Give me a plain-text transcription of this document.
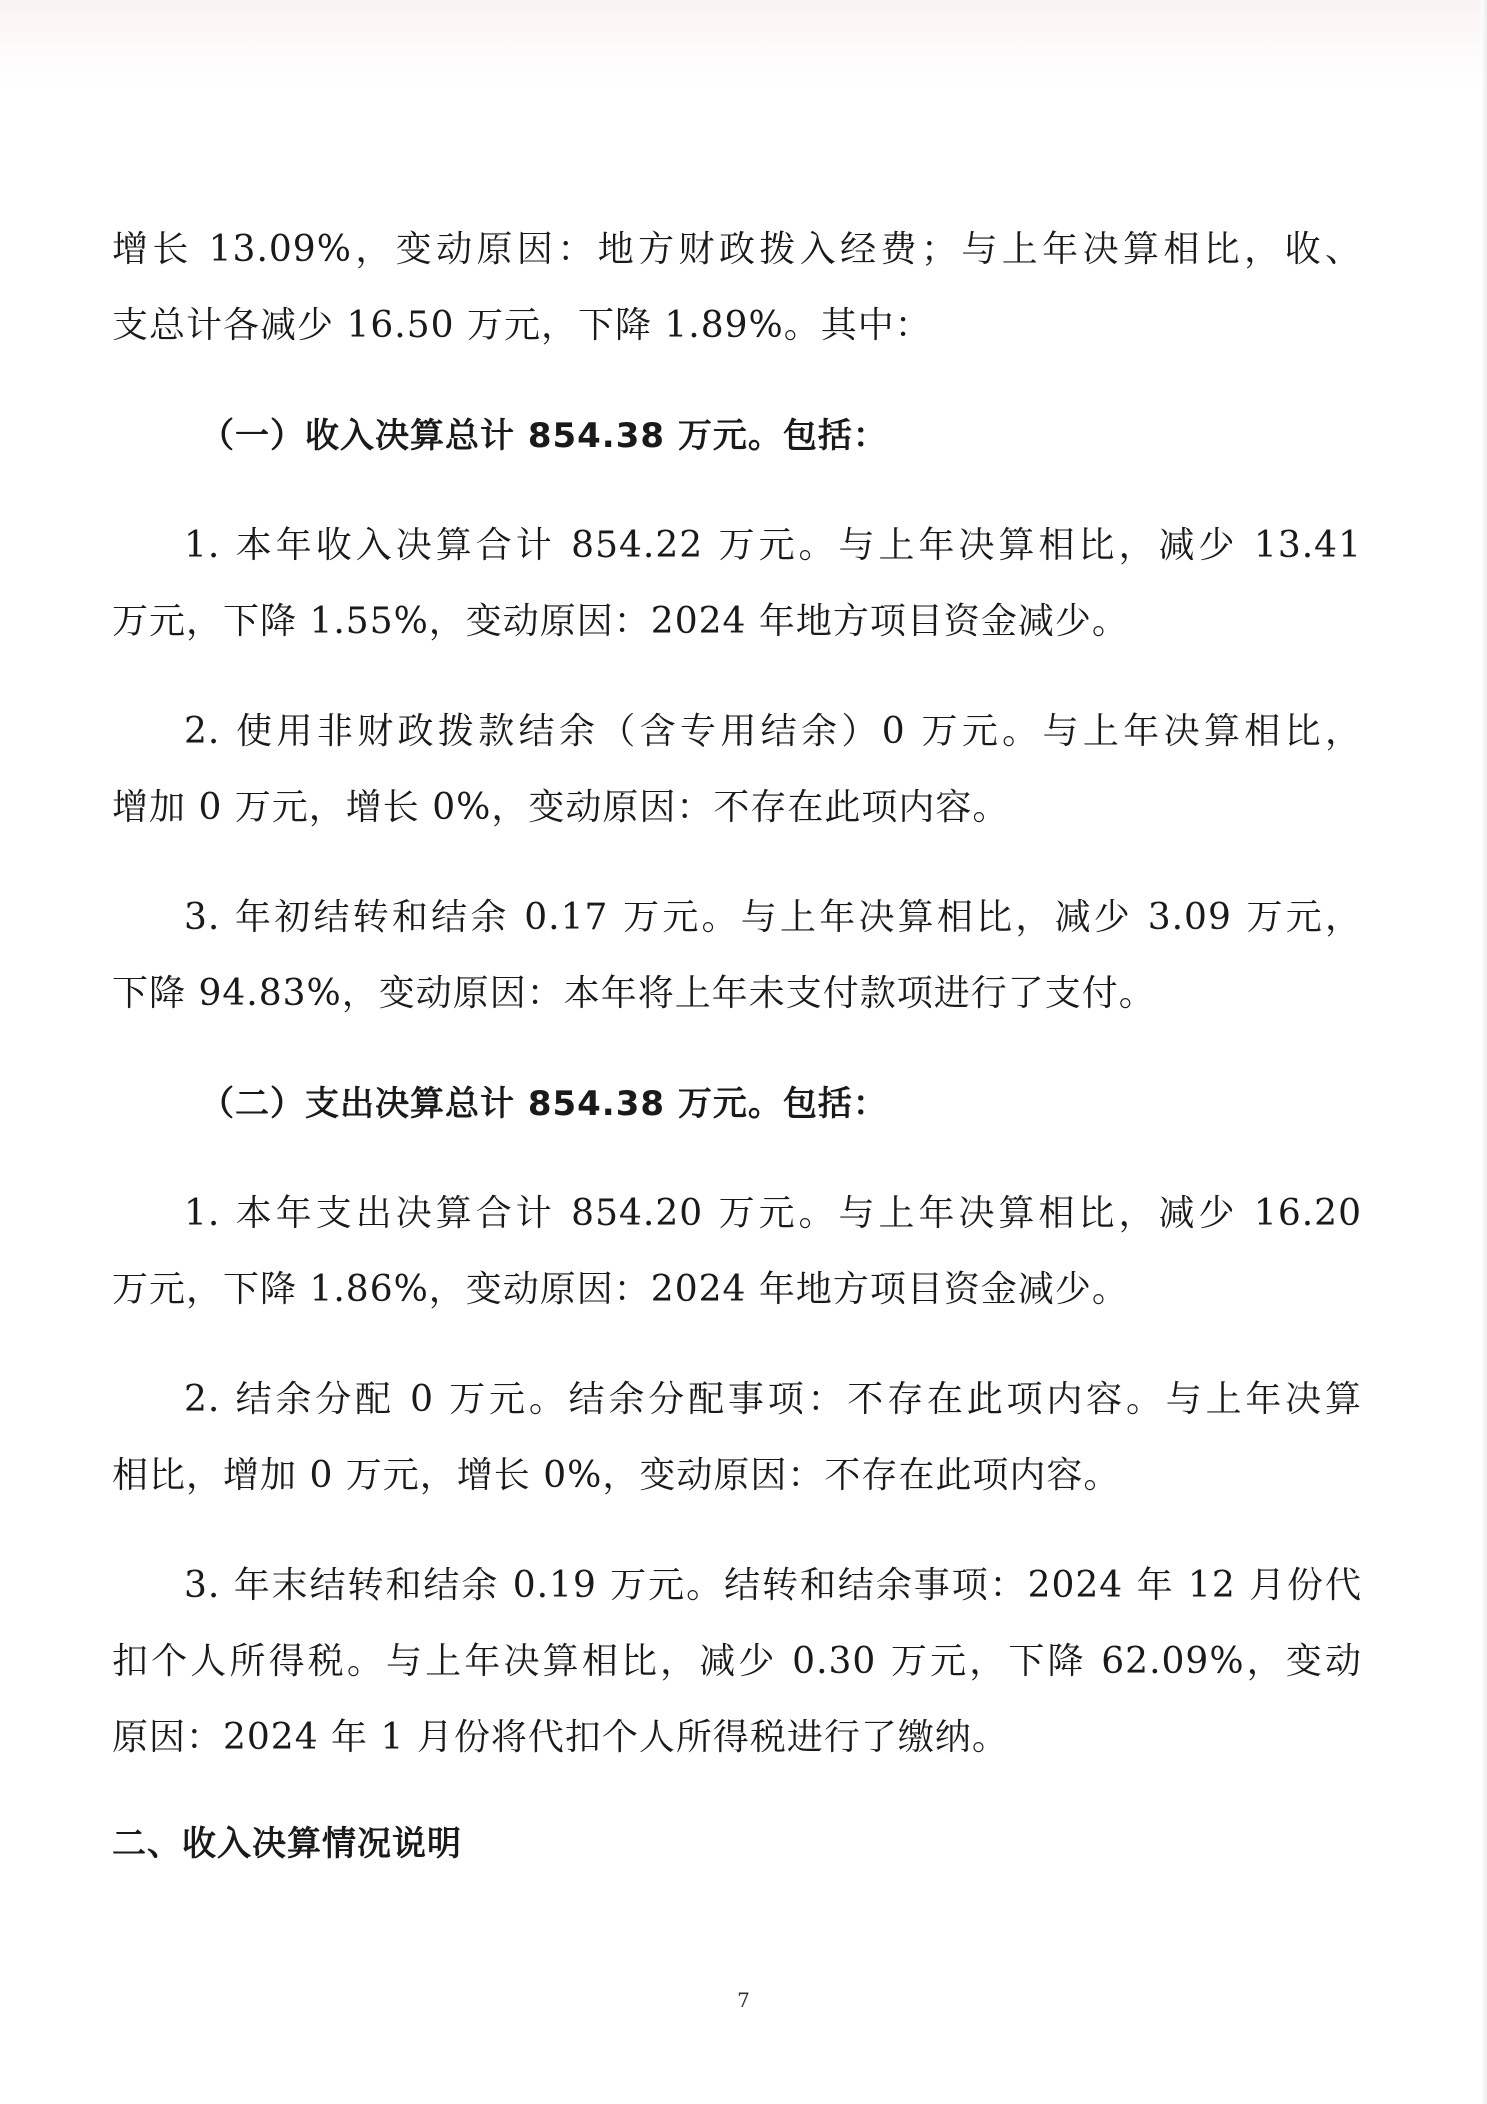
增长 13.09%，变动原因：地方财政拨入经费；与上年决算相比，收、
支总计各减少 16.50 万元，下降 1.89%。其中：
（一）收入决算总计 854.38 万元。包括：
1. 本年收入决算合计 854.22 万元。与上年决算相比，减少 13.41
万元，下降 1.55%，变动原因：2024 年地方项目资金减少。
2. 使用非财政拨款结余（含专用结余）0 万元。与上年决算相比，
增加 0 万元，增长 0%，变动原因：不存在此项内容。
3. 年初结转和结余 0.17 万元。与上年决算相比，减少 3.09 万元，
下降 94.83%，变动原因：本年将上年未支付款项进行了支付。
（二）支出决算总计 854.38 万元。包括：
1. 本年支出决算合计 854.20 万元。与上年决算相比，减少 16.20
万元，下降 1.86%，变动原因：2024 年地方项目资金减少。
2. 结余分配 0 万元。结余分配事项：不存在此项内容。与上年决算
相比，增加 0 万元，增长 0%，变动原因：不存在此项内容。
3. 年末结转和结余 0.19 万元。结转和结余事项：2024 年 12 月份代
扣个人所得税。与上年决算相比，减少 0.30 万元，下降 62.09%，变动
原因：2024 年 1 月份将代扣个人所得税进行了缴纳。
二、收入决算情况说明
7
